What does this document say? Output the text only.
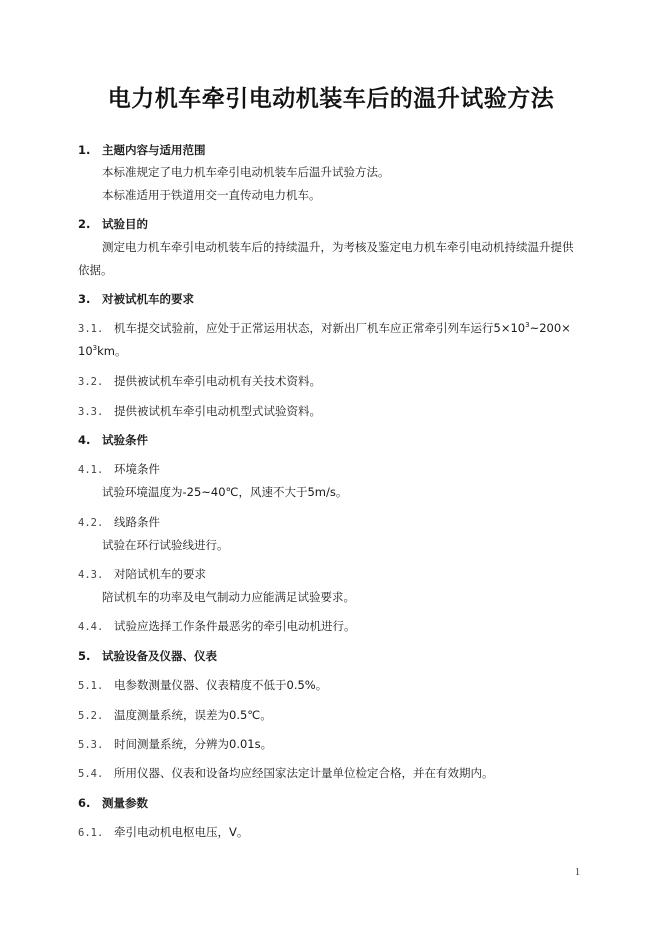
电力机车牵引电动机装车后的温升试验方法
1. 主题内容与适用范围
本标准规定了电力机车牵引电动机装车后温升试验方法。
本标准适用于铁道用交一直传动电力机车。
2. 试验目的
测定电力机车牵引电动机装车后的持续温升，为考核及鉴定电力机车牵引电动机持续温升提供
依据。
3. 对被试机车的要求
3.1. 机车提交试验前，应处于正常运用状态，对新出厂机车应正常牵引列车运行$5\times 10^3\sim 200\times$
$10^3km$。
3.2. 提供被试机车牵引电动机有关技术资料。
3.3. 提供被试机车牵引电动机型式试验资料。
4. 试验条件
4.1. 环境条件
试验环境温度为-25~40℃，风速不大于5m/s。
4.2. 线路条件
试验在环行试验线进行。
4.3. 对陪试机车的要求
陪试机车的功率及电气制动力应能满足试验要求。
4.4. 试验应选择工作条件最恶劣的牵引电动机进行。
5. 试验设备及仪器、仪表
5.1. 电参数测量仪器、仪表精度不低于0.5%。
5.2. 温度测量系统，误差为0.5℃。
5.3. 时间测量系统，分辨为0.01s。
5.4. 所用仪器、仪表和设备均应经国家法定计量单位检定合格，并在有效期内。
6. 测量参数
6.1. 牵引电动机电枢电压，V。
1
